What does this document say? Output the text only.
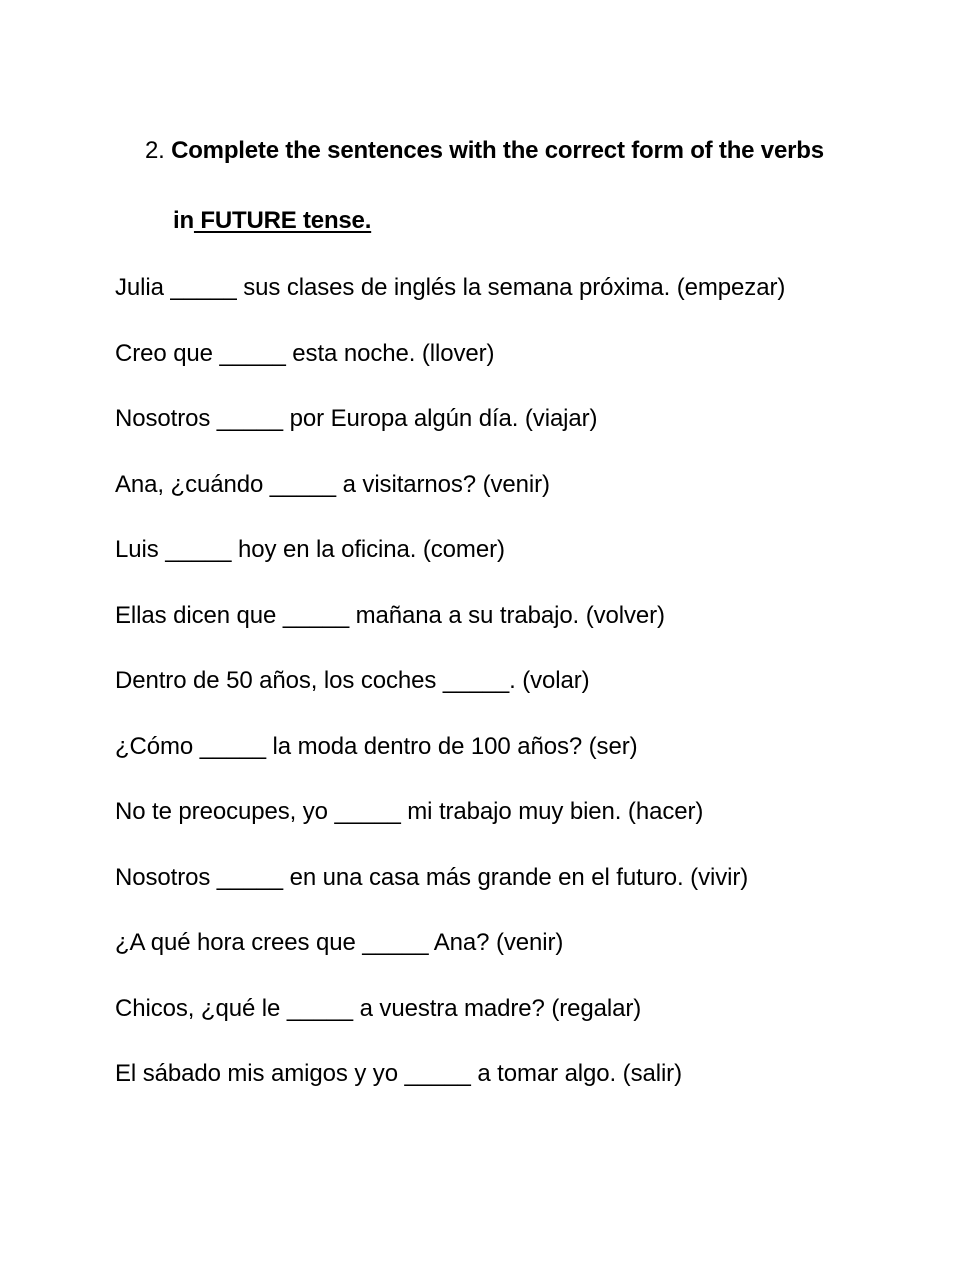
2. Complete the sentences with the correct form of the verbs
in FUTURE tense.
Julia _____ sus clases de inglés la semana próxima. (empezar)
Creo que _____ esta noche. (llover)
Nosotros _____ por Europa algún día. (viajar)
Ana, ¿cuándo _____ a visitarnos? (venir)
Luis _____ hoy en la oficina. (comer)
Ellas dicen que _____ mañana a su trabajo. (volver)
Dentro de 50 años, los coches _____. (volar)
¿Cómo _____ la moda dentro de 100 años? (ser)
No te preocupes, yo _____ mi trabajo muy bien. (hacer)
Nosotros _____ en una casa más grande en el futuro. (vivir)
¿A qué hora crees que _____ Ana? (venir)
Chicos, ¿qué le _____ a vuestra madre? (regalar)
El sábado mis amigos y yo _____ a tomar algo. (salir)
